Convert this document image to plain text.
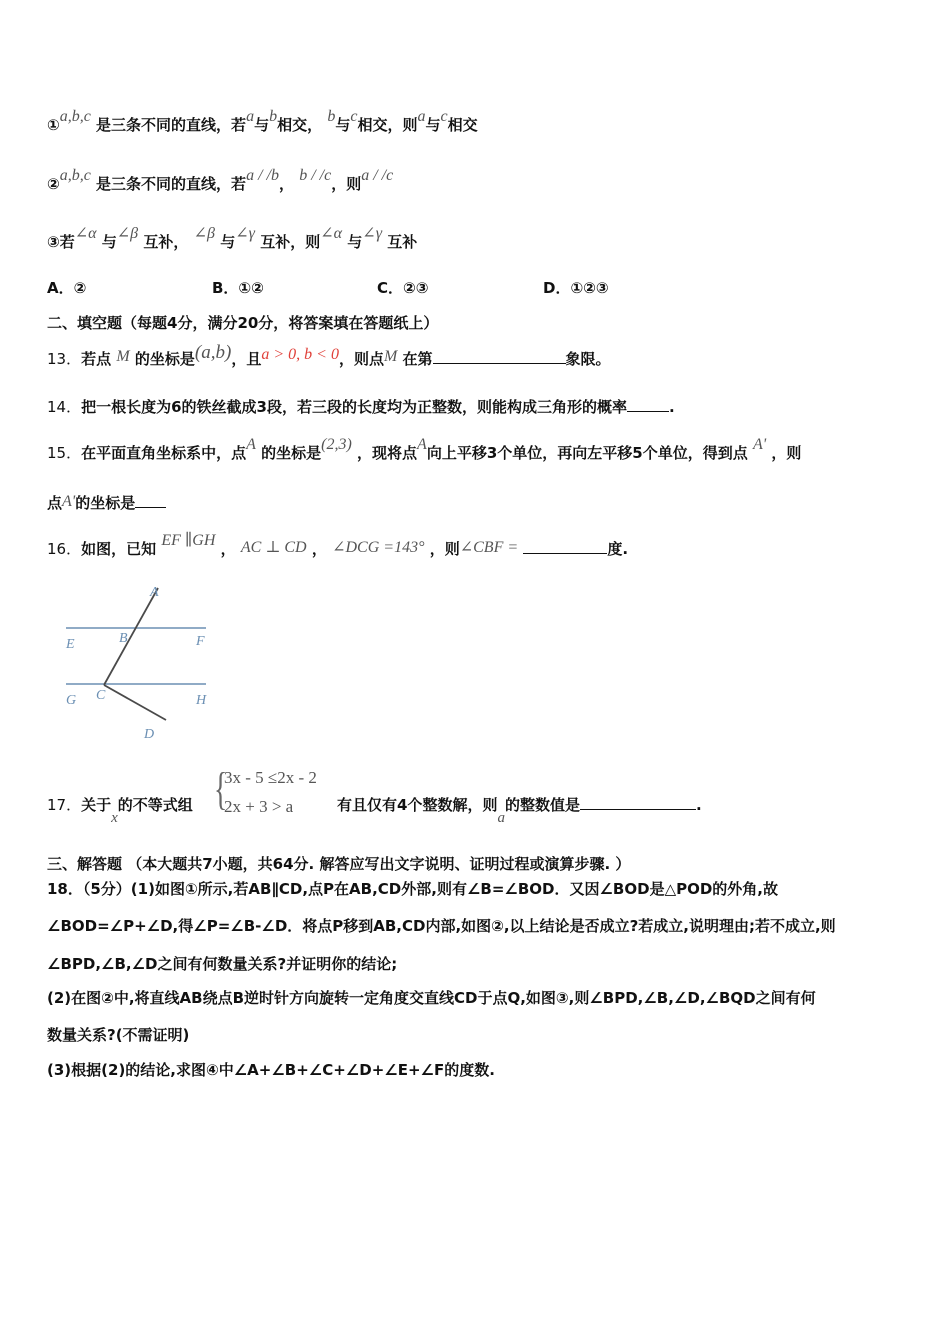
①a,b,c 是三条不同的直线，若a与b相交， b与c相交，则a与c相交
②a,b,c 是三条不同的直线，若a / /b， b / /c，则a / /c
③若∠α 与∠β 互补， ∠β 与∠γ 互补，则∠α 与∠γ 互补
A．②	B．①②	C．②③	D．①②③
二、填空题（每题4分，满分20分，将答案填在答题纸上）
13．若点 M 的坐标是(a,b)，且a > 0, b < 0，则点M 在第	象限。
14．把一根长度为6的铁丝截成3段，若三段的长度均为正整数，则能构成三角形的概率	.
15．在平面直角坐标系中，点A 的坐标是(2,3) ，现将点A向上平移3个单位，再向左平移5个单位，得到点 A' ，则
点A'的坐标是
16．如图，已知 EF ∥GH ， AC ⊥ CD ， ∠DCG =143° ，则∠CBF =	度.
A
B
C
D
E	F
G	H
17．关于x的不等式组 {
3x - 5 ≤2x - 2
2x + 3 > a	有且仅有4个整数解，则a的整数值是	.
三、解答题 （本大题共7小题，共64分. 解答应写出文字说明、证明过程或演算步骤. ）
18．（5分）(1)如图①所示,若AB∥CD,点P在AB,CD外部,则有∠B=∠BOD．又因∠BOD是△POD的外角,故
∠BOD=∠P+∠D,得∠P=∠B-∠D．将点P移到AB,CD内部,如图②,以上结论是否成立?若成立,说明理由;若不成立,则
∠BPD,∠B,∠D之间有何数量关系?并证明你的结论;
(2)在图②中,将直线AB绕点B逆时针方向旋转一定角度交直线CD于点Q,如图③,则∠BPD,∠B,∠D,∠BQD之间有何
数量关系?(不需证明)
(3)根据(2)的结论,求图④中∠A+∠B+∠C+∠D+∠E+∠F的度数.
